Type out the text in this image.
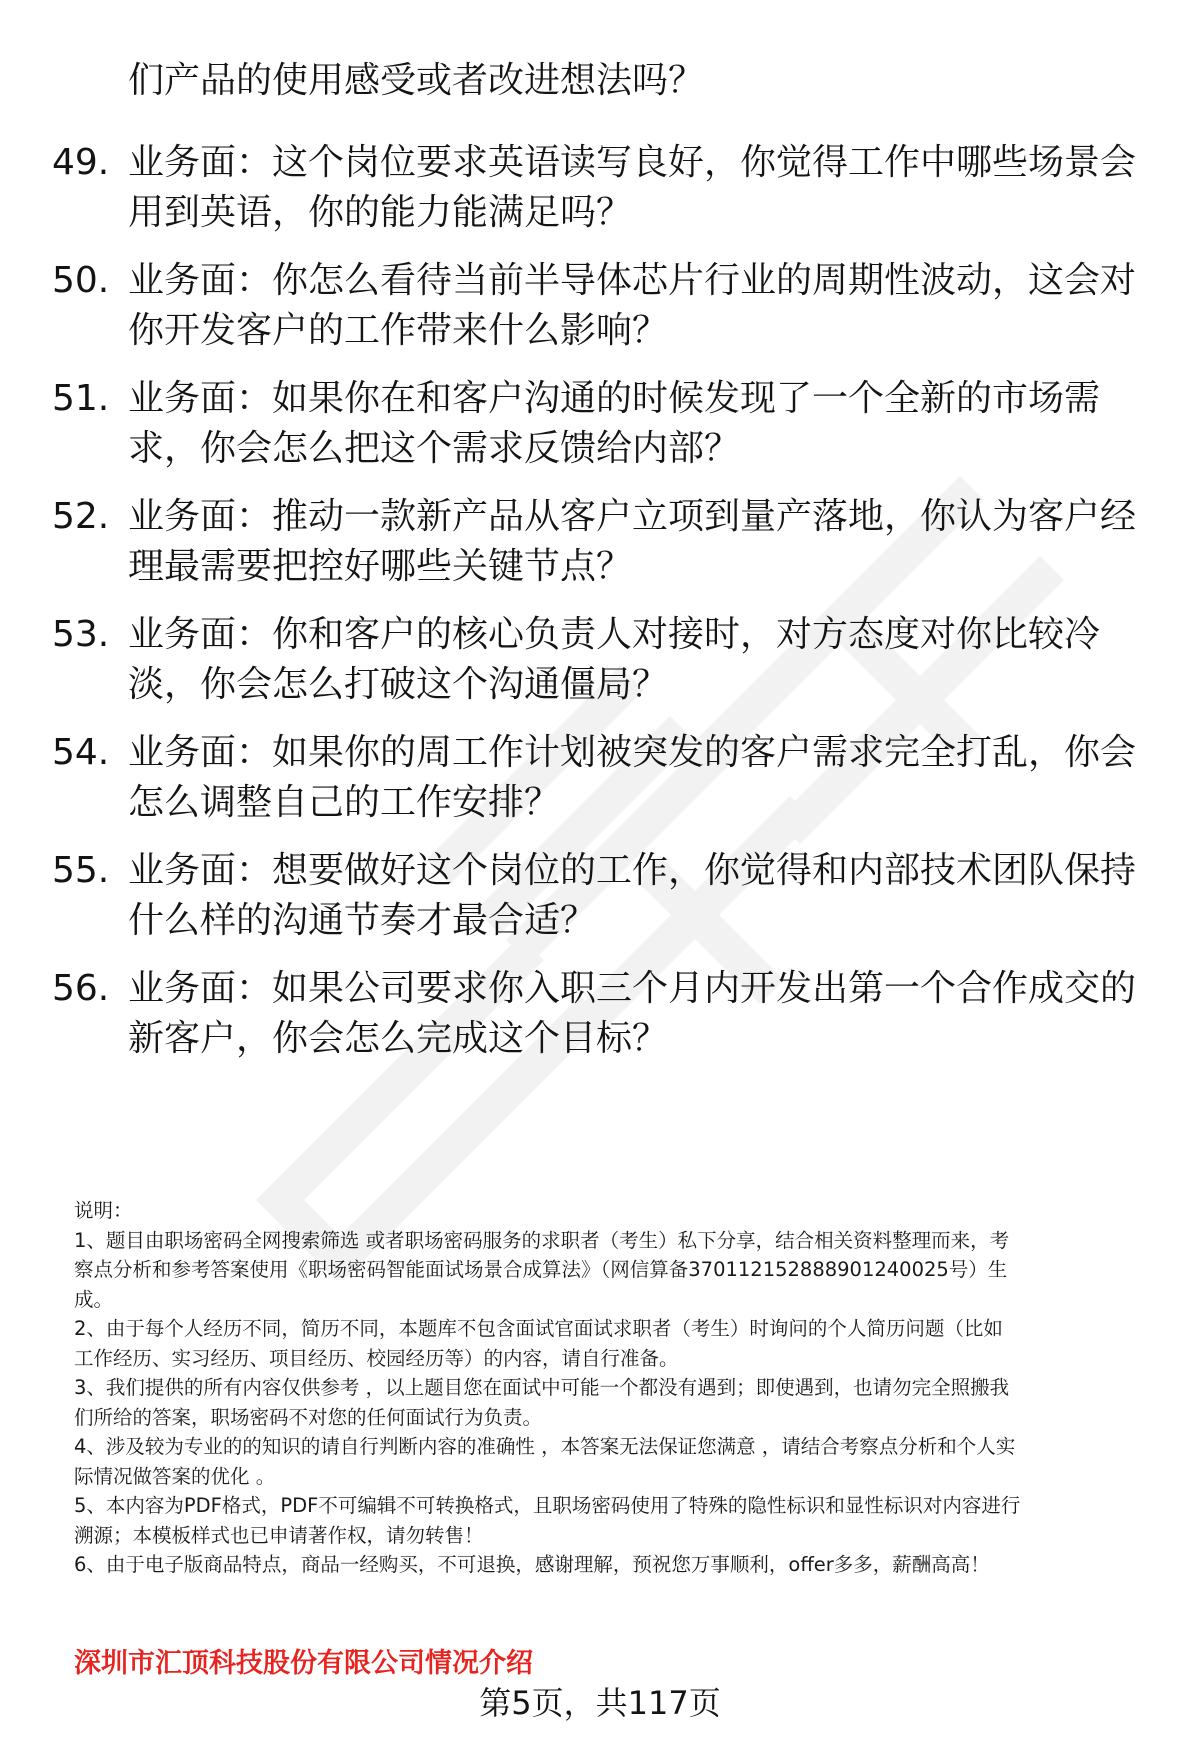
们产品的使用感受或者改进想法吗？
49. 业务面：这个岗位要求英语读写良好，你觉得工作中哪些场景会
用到英语，你的能力能满足吗？
50. 业务面：你怎么看待当前半导体芯片行业的周期性波动，这会对
你开发客户的工作带来什么影响？
51. 业务面：如果你在和客户沟通的时候发现了一个全新的市场需
求，你会怎么把这个需求反馈给内部？
52. 业务面：推动一款新产品从客户立项到量产落地，你认为客户经
理最需要把控好哪些关键节点？
53. 业务面：你和客户的核心负责人对接时，对方态度对你比较冷
淡，你会怎么打破这个沟通僵局？
54. 业务面：如果你的周工作计划被突发的客户需求完全打乱，你会
怎么调整自己的工作安排？
55. 业务面：想要做好这个岗位的工作，你觉得和内部技术团队保持
什么样的沟通节奏才最合适？
56. 业务面：如果公司要求你入职三个月内开发出第一个合作成交的
新客户，你会怎么完成这个目标？
说明：
1、题目由职场密码全网搜索筛选 或者职场密码服务的求职者（考生）私下分享，结合相关资料整理而来，考
察点分析和参考答案使用《职场密码智能面试场景合成算法》（网信算备370112152888901240025号）生
成。
2、由于每个人经历不同，简历不同，本题库不包含面试官面试求职者（考生）时询问的个人简历问题（比如
工作经历、实习经历、项目经历、校园经历等）的内容，请自行准备。
3、我们提供的所有内容仅供参考 ，以上题目您在面试中可能一个都没有遇到；即使遇到，也请勿完全照搬我
们所给的答案，职场密码不对您的任何面试行为负责。
4、涉及较为专业的的知识的请自行判断内容的准确性 ，本答案无法保证您满意 ，请结合考察点分析和个人实
际情况做答案的优化 。
5、本内容为PDF格式，PDF不可编辑不可转换格式，且职场密码使用了特殊的隐性标识和显性标识对内容进行
溯源；本模板样式也已申请著作权，请勿转售！
6、由于电子版商品特点，商品一经购买，不可退换，感谢理解，预祝您万事顺利，offer多多，薪酬高高！
深圳市汇顶科技股份有限公司情况介绍
第5页，共117页
